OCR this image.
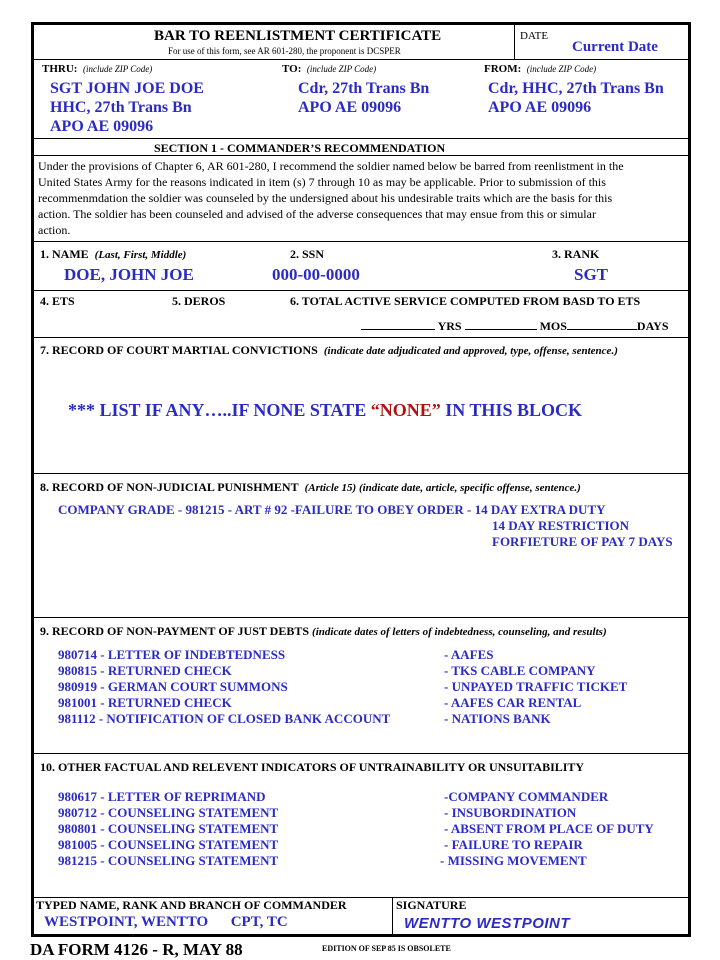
BAR TO REENLISTMENT CERTIFICATE
For use of this form, see AR 601-280, the proponent is DCSPER
DATE
Current Date
THRU: (include ZIP Code)	TO: (include ZIP Code)	FROM: (include ZIP Code)
SGT JOHN JOE DOE
HHC, 27th Trans Bn
APO AE 09096
Cdr, 27th Trans Bn
APO AE 09096
Cdr, HHC, 27th Trans Bn
APO AE 09096
SECTION 1 - COMMANDER’S RECOMMENDATION
Under the provisions of Chapter 6, AR 601-280, I recommend the soldier named below be barred from reenlistment in the
United States Army for the reasons indicated in item (s) 7 through 10 as may be applicable. Prior to submission of this
recommenmdation the soldier was counseled by the undersigned about his undesirable traits which are the basis for this
action. The soldier has been counseled and advised of the adverse consequences that may ensue from this or simular
action.
1. NAME (Last, First, Middle)	2. SSN	3. RANK
DOE, JOHN JOE	000-00-0000	SGT
4. ETS	5. DEROS	6. TOTAL ACTIVE SERVICE COMPUTED FROM BASD TO ETS
YRS	MOS	DAYS
7. RECORD OF COURT MARTIAL CONVICTIONS (indicate date adjudicated and approved, type, offense, sentence.)
*** LIST IF ANY…..IF NONE STATE “NONE” IN THIS BLOCK
8. RECORD OF NON-JUDICIAL PUNISHMENT (Article 15) (indicate date, article, specific offense, sentence.)
COMPANY GRADE - 981215 - ART # 92 -FAILURE TO OBEY ORDER - 14 DAY EXTRA DUTY
14 DAY RESTRICTION
FORFIETURE OF PAY 7 DAYS
9. RECORD OF NON-PAYMENT OF JUST DEBTS (indicate dates of letters of indebtedness, counseling, and results)
980714 - LETTER OF INDEBTEDNESS	- AAFES
980815 - RETURNED CHECK	- TKS CABLE COMPANY
980919 - GERMAN COURT SUMMONS	- UNPAYED TRAFFIC TICKET
981001 - RETURNED CHECK	- AAFES CAR RENTAL
981112 - NOTIFICATION OF CLOSED BANK ACCOUNT	- NATIONS BANK
10. OTHER FACTUAL AND RELEVENT INDICATORS OF UNTRAINABILITY OR UNSUITABILITY
980617 - LETTER OF REPRIMAND	-COMPANY COMMANDER
980712 - COUNSELING STATEMENT	- INSUBORDINATION
980801 - COUNSELING STATEMENT	- ABSENT FROM PLACE OF DUTY
981005 - COUNSELING STATEMENT	- FAILURE TO REPAIR
981215 - COUNSELING STATEMENT	- MISSING MOVEMENT
TYPED NAME, RANK AND BRANCH OF COMMANDER	SIGNATURE
WESTPOINT, WENTTO CPT, TC	WENTTO WESTPOINT
DA FORM 4126 - R, MAY 88	EDITION OF SEP 85 IS OBSOLETE
